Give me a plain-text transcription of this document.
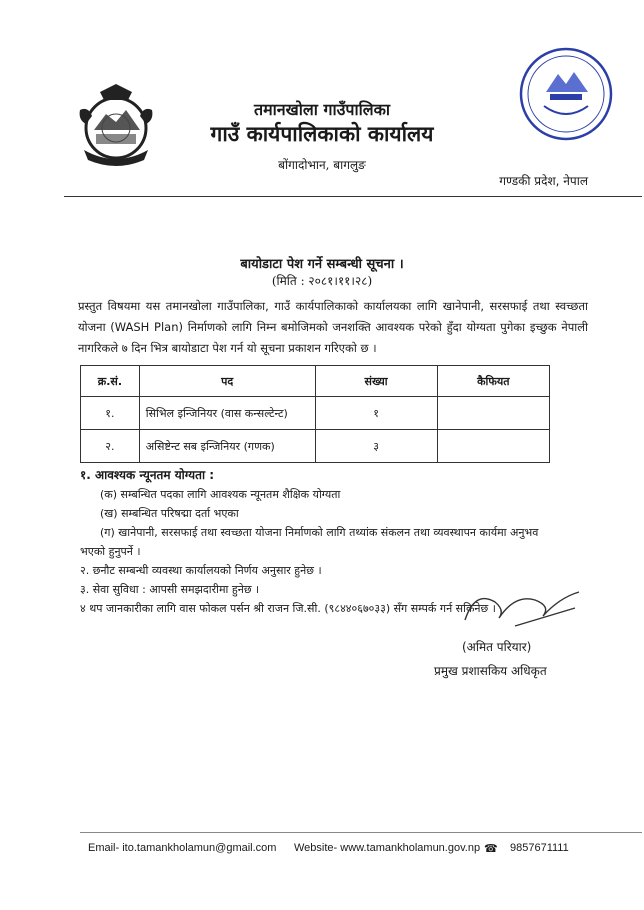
तमानखोला गाउँपालिका
गाउँ कार्यपालिकाको कार्यालय
बोंगादोभान, बागलुङ
गण्डकी प्रदेश, नेपाल
बायोडाटा पेश गर्ने सम्बन्धी सूचना ।
(मिति : २०८१।११।२८)
प्रस्तुत विषयमा यस तमानखोला गाउँपालिका, गाउँ कार्यपालिकाको कार्यालयका लागि खानेपानी, सरसफाई तथा स्वच्छता योजना (WASH Plan) निर्माणको लागि निम्न बमोजिमको जनशक्ति आवश्यक परेको हुँदा योग्यता पुगेका इच्छुक नेपाली नागरिकले ७ दिन भित्र बायोडाटा पेश गर्न यो सूचना प्रकाशन गरिएको छ ।
क्र.सं.	पद	संख्या	कैफियत
१.	सिभिल इन्जिनियर (वास कन्सल्टेन्ट)	१	
२.	असिष्टेन्ट सब इन्जिनियर (गणक)	३	
१. आवश्यक न्यूनतम योग्यता :
(क) सम्बन्धित पदका लागि आवश्यक न्यूनतम शैक्षिक योग्यता
(ख) सम्बन्धित परिषद्मा दर्ता भएका
(ग) खानेपानी, सरसफाई तथा स्वच्छता योजना निर्माणको लागि तथ्यांक संकलन तथा व्यवस्थापन कार्यमा अनुभव
भएको हुनुपर्ने ।
२. छनौट सम्बन्धी व्यवस्था कार्यालयको निर्णय अनुसार हुनेछ ।
३. सेवा सुविधा : आपसी समझदारीमा हुनेछ ।
४ थप जानकारीका लागि वास फोकल पर्सन श्री राजन जि.सी. (९८४४०६७०३३) सँग सम्पर्क गर्न सकिनेछ ।
(अमित परियार)
प्रमुख प्रशासकिय अधिकृत
Email- ito.tamankholamun@gmail.com Website- www.tamankholamun.gov.np ☎ 9857671111
